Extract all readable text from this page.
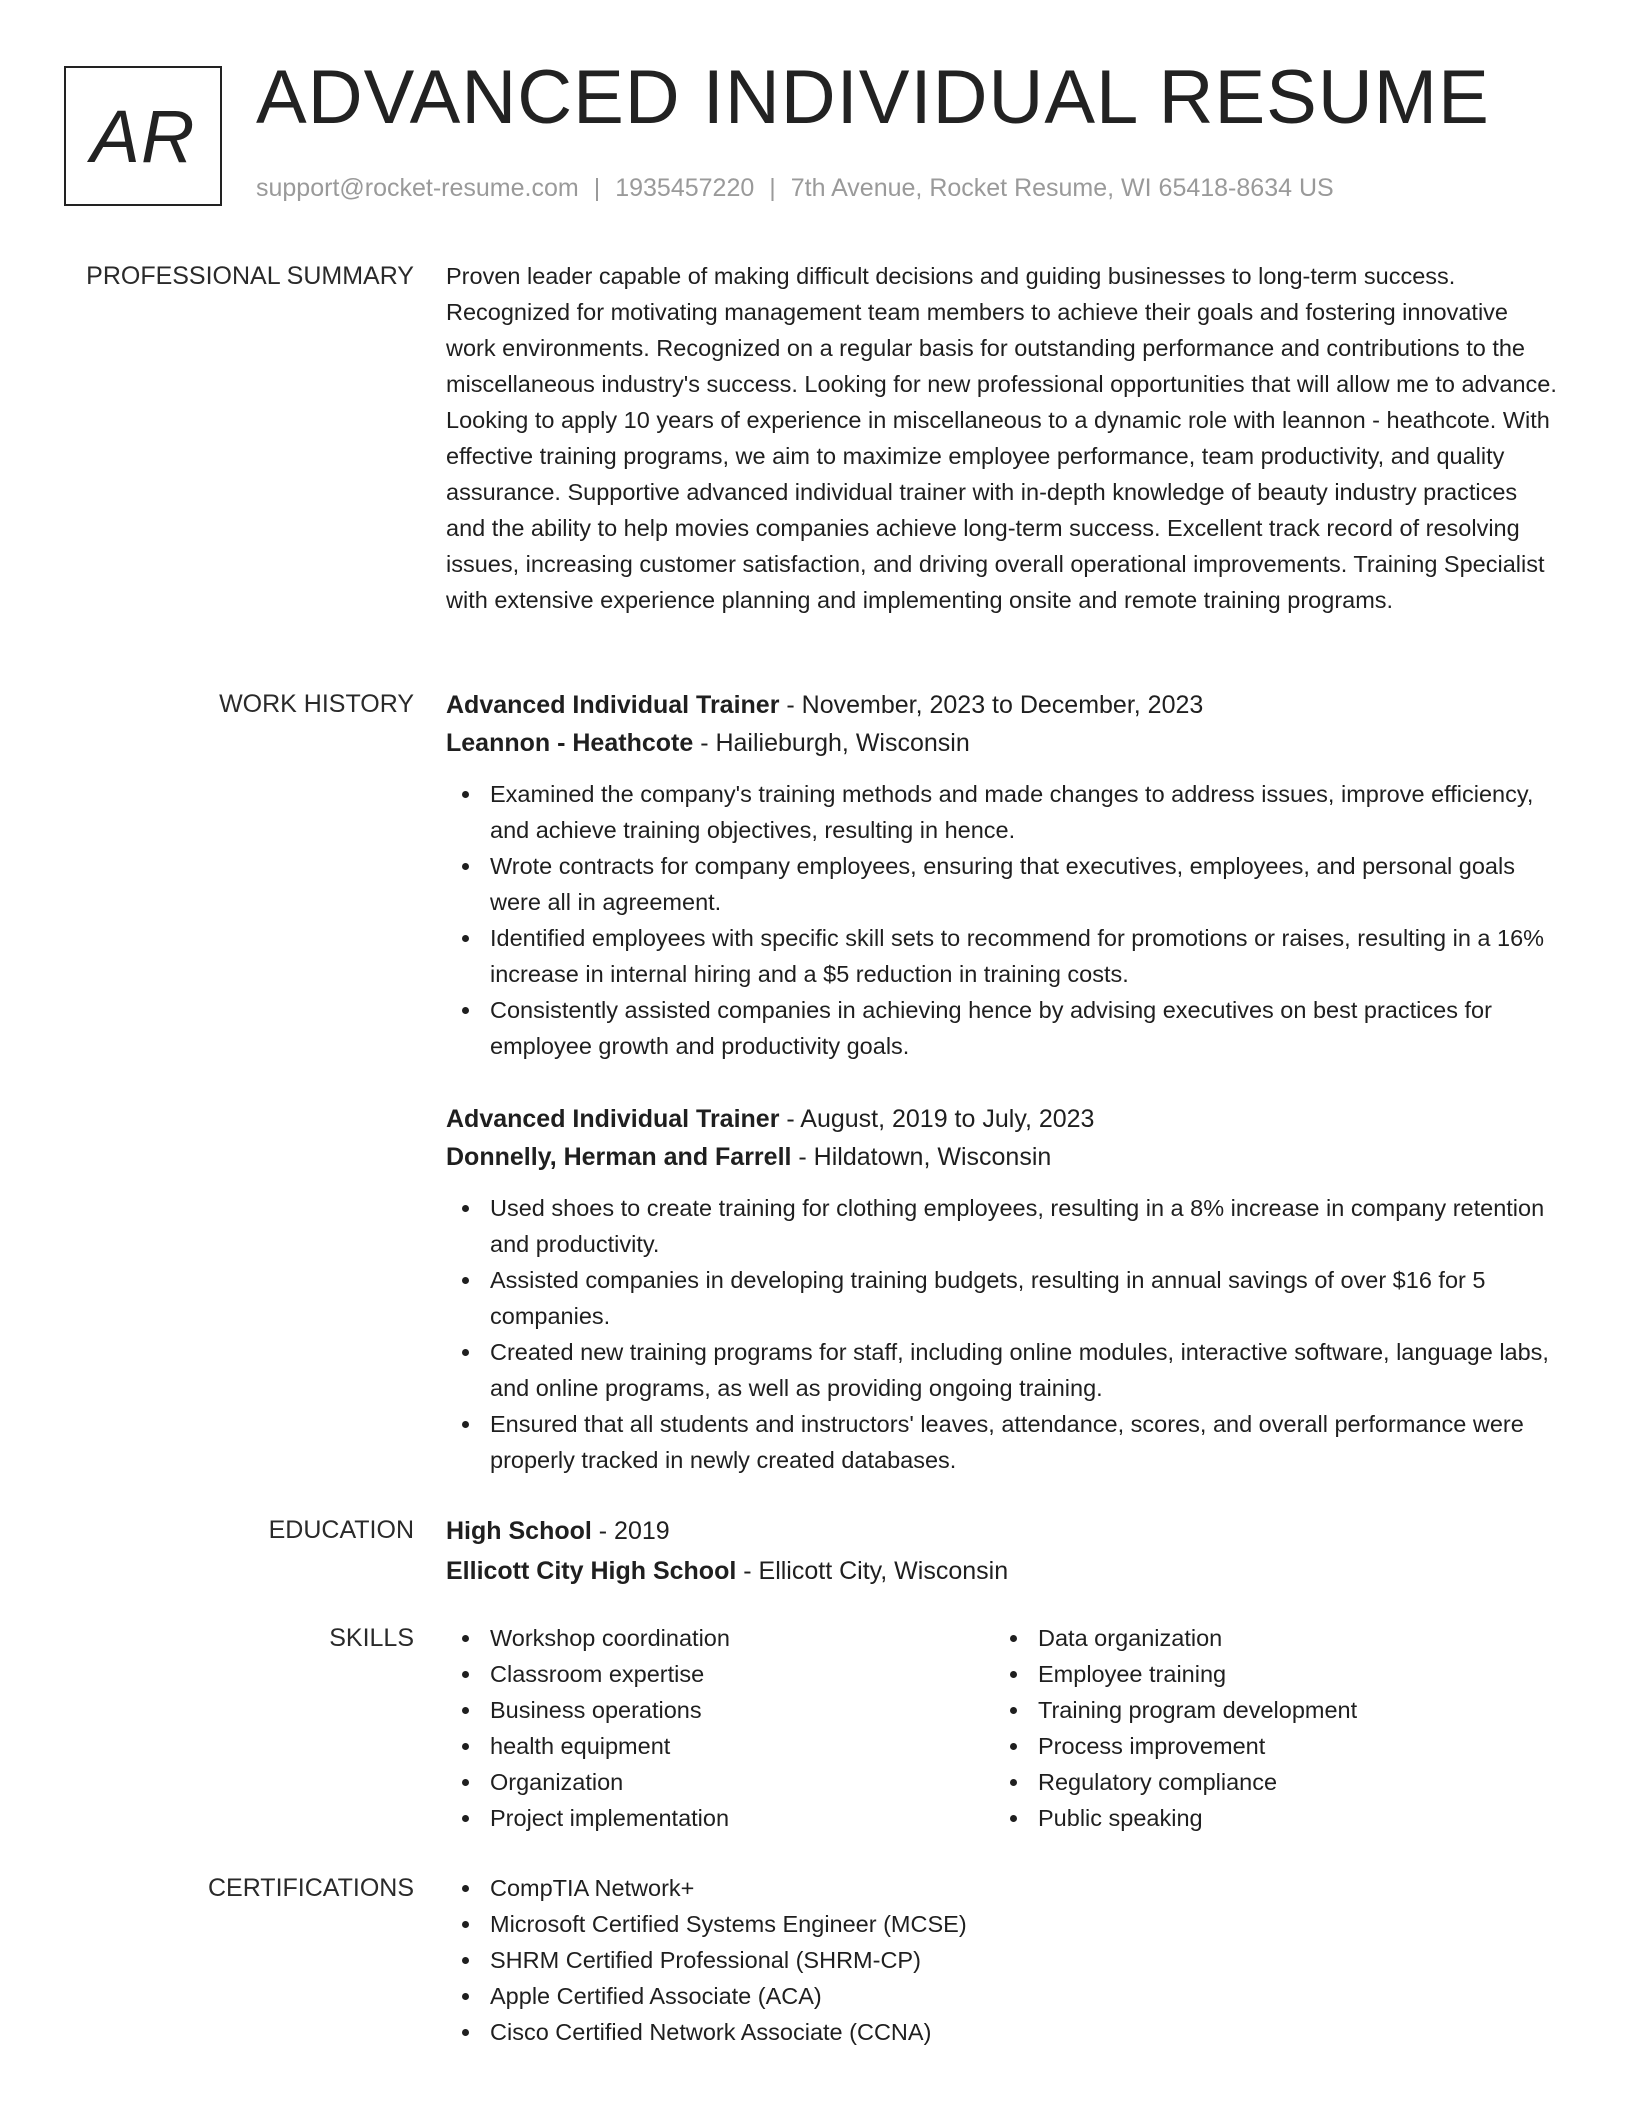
AR ADVANCED INDIVIDUAL RESUME
support@rocket-resume.com | 1935457220 | 7th Avenue, Rocket Resume, WI 65418-8634 US
PROFESSIONAL SUMMARY Proven leader capable of making difficult decisions and guiding businesses to long-term success. Recognized for motivating management team members to achieve their goals and fostering innovative work environments. Recognized on a regular basis for outstanding performance and contributions to the miscellaneous industry's success. Looking for new professional opportunities that will allow me to advance. Looking to apply 10 years of experience in miscellaneous to a dynamic role with leannon - heathcote. With effective training programs, we aim to maximize employee performance, team productivity, and quality assurance. Supportive advanced individual trainer with in-depth knowledge of beauty industry practices and the ability to help movies companies achieve long-term success. Excellent track record of resolving issues, increasing customer satisfaction, and driving overall operational improvements. Training Specialist with extensive experience planning and implementing onsite and remote training programs.

WORK HISTORY Advanced Individual Trainer - November, 2023 to December, 2023
Leannon - Heathcote - Hailieburgh, Wisconsin
Examined the company's training methods and made changes to address issues, improve efficiency, and achieve training objectives, resulting in hence.
Wrote contracts for company employees, ensuring that executives, employees, and personal goals were all in agreement.
Identified employees with specific skill sets to recommend for promotions or raises, resulting in a 16% increase in internal hiring and a $5 reduction in training costs.
Consistently assisted companies in achieving hence by advising executives on best practices for employee growth and productivity goals.
Advanced Individual Trainer - August, 2019 to July, 2023
Donnelly, Herman and Farrell - Hildatown, Wisconsin
Used shoes to create training for clothing employees, resulting in a 8% increase in company retention and productivity.
Assisted companies in developing training budgets, resulting in annual savings of over $16 for 5 companies.
Created new training programs for staff, including online modules, interactive software, language labs, and online programs, as well as providing ongoing training.
Ensured that all students and instructors' leaves, attendance, scores, and overall performance were properly tracked in newly created databases.
EDUCATION High School - 2019
Ellicott City High School - Ellicott City, Wisconsin
SKILLS	Workshop coordination
Classroom expertise
Business operations
health equipment
Organization
Project implementation
Data organization
Employee training
Training program development
Process improvement
Regulatory compliance
Public speaking
CERTIFICATIONS	CompTIA Network+
Microsoft Certified Systems Engineer (MCSE)
SHRM Certified Professional (SHRM-CP)
Apple Certified Associate (ACA)
Cisco Certified Network Associate (CCNA)
